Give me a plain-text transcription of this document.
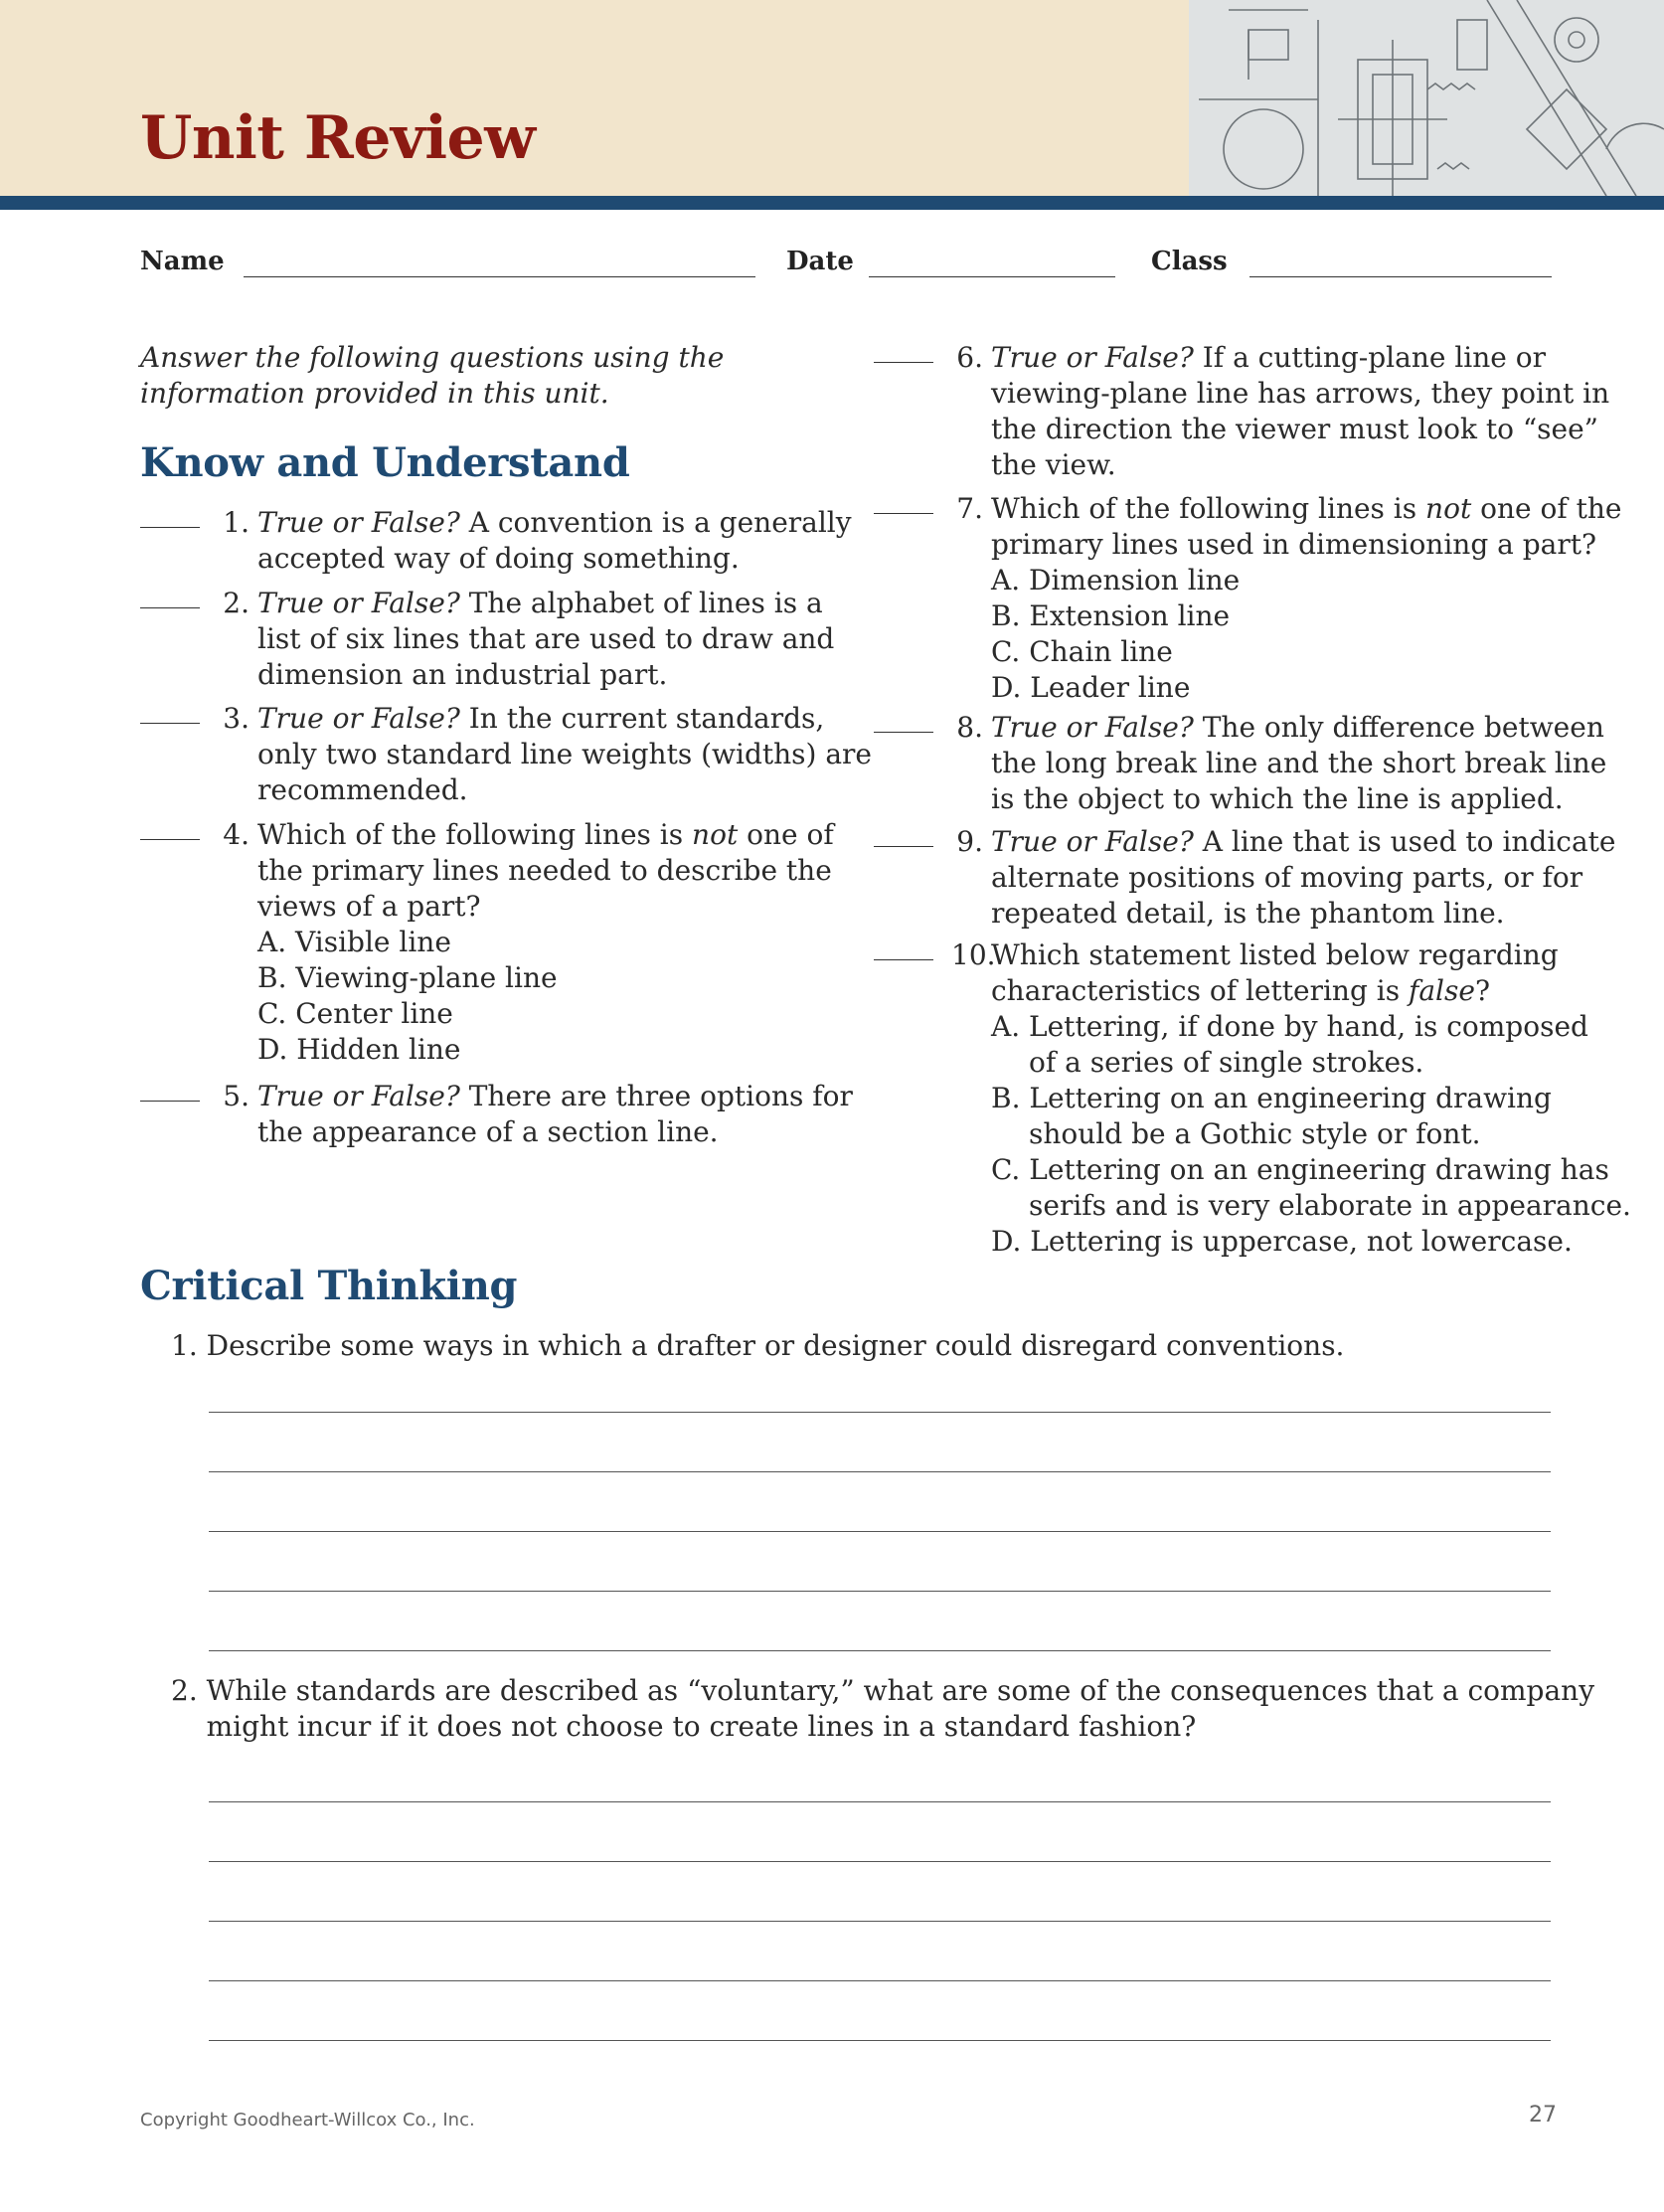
Unit Review
Name	Date	Class

Answer the following questions using the information provided in this unit.

Know and Understand
1. True or False? A convention is a generally
accepted way of doing something.
2. True or False? The alphabet of lines is a
list of six lines that are used to draw and
dimension an industrial part.
3. True or False? In the current standards,
only two standard line weights (widths) are
recommended.
4. Which of the following lines is not one of
the primary lines needed to describe the
views of a part?
A. Visible line
B. Viewing-plane line
C. Center line
D. Hidden line
5. True or False? There are three options for
the appearance of a section line.
6. True or False? If a cutting-plane line or
viewing-plane line has arrows, they point in
the direction the viewer must look to “see”
the view.
7. Which of the following lines is not one of the
primary lines used in dimensioning a part?
A. Dimension line
B. Extension line
C. Chain line
D. Leader line
8. True or False? The only difference between
the long break line and the short break line
is the object to which the line is applied.
9. True or False? A line that is used to indicate
alternate positions of moving parts, or for
repeated detail, is the phantom line.
10.
Which statement listed below regarding
characteristics of lettering is false?
A. Lettering, if done by hand, is composed
of a series of single strokes.
B. Lettering on an engineering drawing
should be a Gothic style or font.
C. Lettering on an engineering drawing has
serifs and is very elaborate in appearance.
D. Lettering is uppercase, not lowercase.
Critical Thinking
1. Describe some ways in which a drafter or designer could disregard conventions.
2. While standards are described as “voluntary,” what are some of the consequences that a company
might incur if it does not choose to create lines in a standard fashion?
Copyright Goodheart-Willcox Co., Inc.	27
